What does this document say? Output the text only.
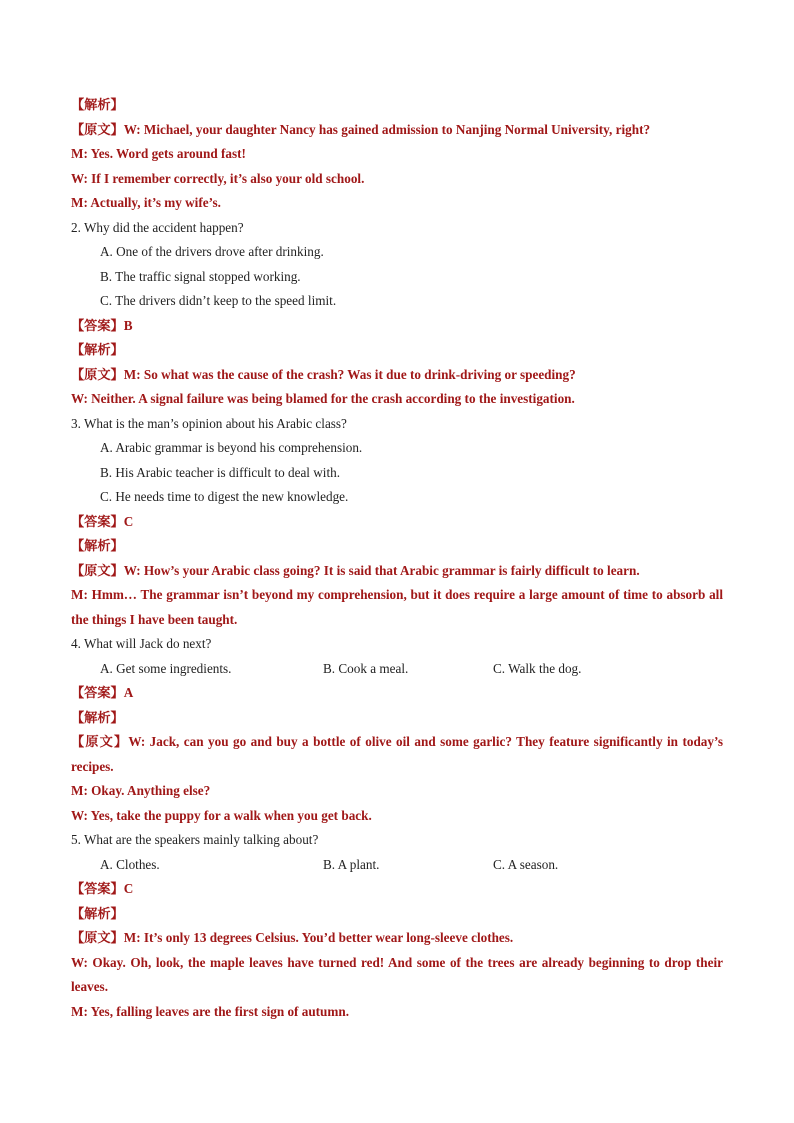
【解析】
【原文】W: Michael, your daughter Nancy has gained admission to Nanjing Normal University, right?
M: Yes. Word gets around fast!
W: If I remember correctly, it’s also your old school.
M: Actually, it’s my wife’s.
2. Why did the accident happen?
A. One of the drivers drove after drinking.
B. The traffic signal stopped working.
C. The drivers didn’t keep to the speed limit.
【答案】B
【解析】
【原文】M: So what was the cause of the crash? Was it due to drink-driving or speeding?
W: Neither. A signal failure was being blamed for the crash according to the investigation.
3. What is the man’s opinion about his Arabic class?
A. Arabic grammar is beyond his comprehension.
B. His Arabic teacher is difficult to deal with.
C. He needs time to digest the new knowledge.
【答案】C
【解析】
【原文】W: How’s your Arabic class going? It is said that Arabic grammar is fairly difficult to learn.
M: Hmm… The grammar isn’t beyond my comprehension, but it does require a large amount of time to absorb all the things I have been taught.
4. What will Jack do next?
A. Get some ingredients.	B. Cook a meal.	C. Walk the dog.
【答案】A
【解析】
【原文】W: Jack, can you go and buy a bottle of olive oil and some garlic? They feature significantly in today’s recipes.
M: Okay. Anything else?
W: Yes, take the puppy for a walk when you get back.
5. What are the speakers mainly talking about?
A. Clothes.	B. A plant.	C. A season.
【答案】C
【解析】
【原文】M: It’s only 13 degrees Celsius. You’d better wear long-sleeve clothes.
W: Okay. Oh, look, the maple leaves have turned red! And some of the trees are already beginning to drop their leaves.
M: Yes, falling leaves are the first sign of autumn.
